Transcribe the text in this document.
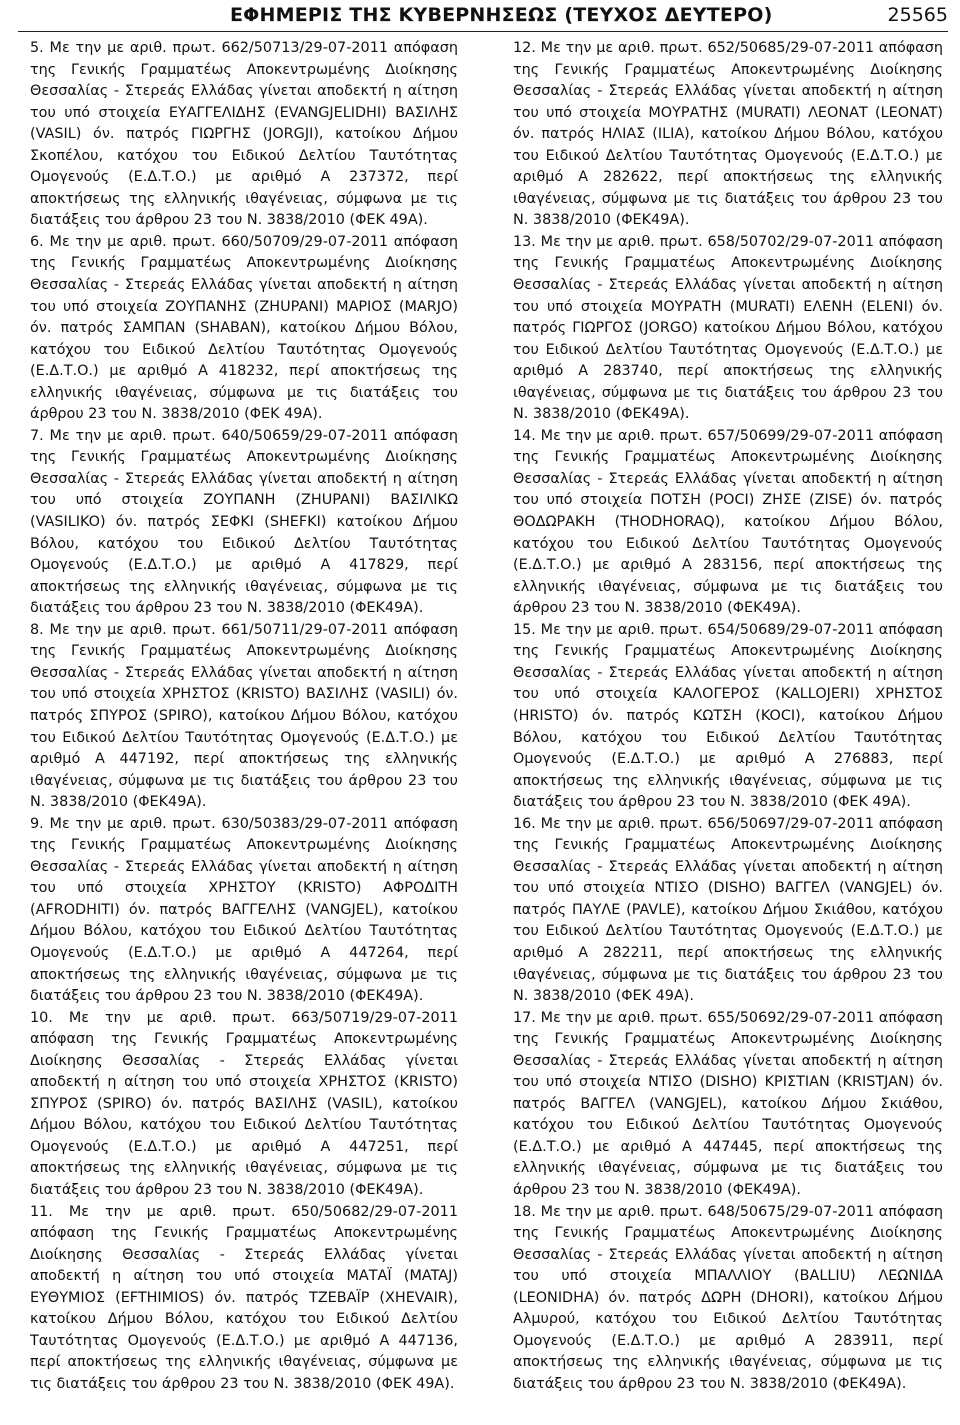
ΕΦΗΜΕΡΙΣ ΤΗΣ ΚΥΒΕΡΝΗΣΕΩΣ (ΤΕΥΧΟΣ ΔΕΥΤΕΡΟ)	25565

5. Με την με αριθ. πρωτ. 662/50713/29-07-2011 απόφαση της Γενικής Γραμματέως Αποκεντρωμένης Διοίκησης Θεσσαλίας - Στερεάς Ελλάδας γίνεται αποδεκτή η αίτηση του υπό στοιχεία ΕΥΑΓΓΕΛΙΔΗΣ (EVANGJELIDHI) ΒΑΣΙΛΗΣ (VASIL) όν. πατρός ΓΙΩΡΓΗΣ (JORGJI), κατοίκου Δήμου Σκοπέλου, κατόχου του Ειδικού Δελτίου Ταυτότητας Ομογενούς (Ε.Δ.Τ.Ο.) με αριθμό Α 237372, περί αποκτήσεως της ελληνικής ιθαγένειας, σύμφωνα με τις διατάξεις του άρθρου 23 του Ν. 3838/2010 (ΦΕΚ 49Α).

6. Με την με αριθ. πρωτ. 660/50709/29-07-2011 απόφαση της Γενικής Γραμματέως Αποκεντρωμένης Διοίκησης Θεσσαλίας - Στερεάς Ελλάδας γίνεται αποδεκτή η αίτηση του υπό στοιχεία ΖΟΥΠΑΝΗΣ (ZHUPANI) ΜΑΡΙΟΣ (MARJO) όν. πατρός ΣΑΜΠΑΝ (SHABAN), κατοίκου Δήμου Βόλου, κατόχου του Ειδικού Δελτίου Ταυτότητας Ομογενούς (Ε.Δ.Τ.Ο.) με αριθμό Α 418232, περί αποκτήσεως της ελληνικής ιθαγένειας, σύμφωνα με τις διατάξεις του άρθρου 23 του Ν. 3838/2010 (ΦΕΚ 49Α).

7. Με την με αριθ. πρωτ. 640/50659/29-07-2011 απόφαση της Γενικής Γραμματέως Αποκεντρωμένης Διοίκησης Θεσσαλίας - Στερεάς Ελλάδας γίνεται αποδεκτή η αίτηση του υπό στοιχεία ΖΟΥΠΑΝΗ (ZHUPANI) ΒΑΣΙΛΙΚΩ (VASILIKO) όν. πατρός ΣΕΦΚΙ (SHEFKI) κατοίκου Δήμου Βόλου, κατόχου του Ειδικού Δελτίου Ταυτότητας Ομογενούς (Ε.Δ.Τ.Ο.) με αριθμό Α 417829, περί αποκτήσεως της ελληνικής ιθαγένειας, σύμφωνα με τις διατάξεις του άρθρου 23 του Ν. 3838/2010 (ΦΕΚ49Α).

8. Με την με αριθ. πρωτ. 661/50711/29-07-2011 απόφαση της Γενικής Γραμματέως Αποκεντρωμένης Διοίκησης Θεσσαλίας - Στερεάς Ελλάδας γίνεται αποδεκτή η αίτηση του υπό στοιχεία ΧΡΗΣΤΟΣ (KRISTO) ΒΑΣΙΛΗΣ (VASILI) όν. πατρός ΣΠΥΡΟΣ (SPIRO), κατοίκου Δήμου Βόλου, κατόχου του Ειδικού Δελτίου Ταυτότητας Ομογενούς (Ε.Δ.Τ.Ο.) με αριθμό Α 447192, περί αποκτήσεως της ελληνικής ιθαγένειας, σύμφωνα με τις διατάξεις του άρθρου 23 του Ν. 3838/2010 (ΦΕΚ49Α).

9. Με την με αριθ. πρωτ. 630/50383/29-07-2011 απόφαση της Γενικής Γραμματέως Αποκεντρωμένης Διοίκησης Θεσσαλίας - Στερεάς Ελλάδας γίνεται αποδεκτή η αίτηση του υπό στοιχεία ΧΡΗΣΤΟΥ (KRISTO) ΑΦΡΟΔΙΤΗ (AFRODHITI) όν. πατρός ΒΑΓΓΕΛΗΣ (VANGJEL), κατοίκου Δήμου Βόλου, κατόχου του Ειδικού Δελτίου Ταυτότητας Ομογενούς (Ε.Δ.Τ.Ο.) με αριθμό Α 447264, περί αποκτήσεως της ελληνικής ιθαγένειας, σύμφωνα με τις διατάξεις του άρθρου 23 του Ν. 3838/2010 (ΦΕΚ49Α).

10. Με την με αριθ. πρωτ. 663/50719/29-07-2011 απόφαση της Γενικής Γραμματέως Αποκεντρωμένης Διοίκησης Θεσσαλίας - Στερεάς Ελλάδας γίνεται αποδεκτή η αίτηση του υπό στοιχεία ΧΡΗΣΤΟΣ (KRISTO) ΣΠΥΡΟΣ (SPIRO) όν. πατρός ΒΑΣΙΛΗΣ (VASIL), κατοίκου Δήμου Βόλου, κατόχου του Ειδικού Δελτίου Ταυτότητας Ομογενούς (Ε.Δ.Τ.Ο.) με αριθμό Α 447251, περί αποκτήσεως της ελληνικής ιθαγένειας, σύμφωνα με τις διατάξεις του άρθρου 23 του Ν. 3838/2010 (ΦΕΚ49Α).

11. Με την με αριθ. πρωτ. 650/50682/29-07-2011 απόφαση της Γενικής Γραμματέως Αποκεντρωμένης Διοίκησης Θεσσαλίας - Στερεάς Ελλάδας γίνεται αποδεκτή η αίτηση του υπό στοιχεία ΜΑΤΑΪ (MATAJ) ΕΥΘΥΜΙΟΣ (EFTHIMIOS) όν. πατρός ΤΖΕΒΑΪΡ (XHEVAIR), κατοίκου Δήμου Βόλου, κατόχου του Ειδικού Δελτίου Ταυτότητας Ομογενούς (Ε.Δ.Τ.Ο.) με αριθμό Α 447136, περί αποκτήσεως της ελληνικής ιθαγένειας, σύμφωνα με τις διατάξεις του άρθρου 23 του Ν. 3838/2010 (ΦΕΚ 49Α).

12. Με την με αριθ. πρωτ. 652/50685/29-07-2011 απόφαση της Γενικής Γραμματέως Αποκεντρωμένης Διοίκησης Θεσσαλίας - Στερεάς Ελλάδας γίνεται αποδεκτή η αίτηση του υπό στοιχεία ΜΟΥΡΑΤΗΣ (MURATI) ΛΕΟΝΑΤ (LEONAT) όν. πατρός ΗΛΙΑΣ (ILIA), κατοίκου Δήμου Βόλου, κατόχου του Ειδικού Δελτίου Ταυτότητας Ομογενούς (Ε.Δ.Τ.Ο.) με αριθμό Α 282622, περί αποκτήσεως της ελληνικής ιθαγένειας, σύμφωνα με τις διατάξεις του άρθρου 23 του Ν. 3838/2010 (ΦΕΚ49Α).

13. Με την με αριθ. πρωτ. 658/50702/29-07-2011 απόφαση της Γενικής Γραμματέως Αποκεντρωμένης Διοίκησης Θεσσαλίας - Στερεάς Ελλάδας γίνεται αποδεκτή η αίτηση του υπό στοιχεία ΜΟΥΡΑΤΗ (MURATI) ΕΛΕΝΗ (ELENI) όν. πατρός ΓΙΩΡΓΟΣ (JORGO) κατοίκου Δήμου Βόλου, κατόχου του Ειδικού Δελτίου Ταυτότητας Ομογενούς (Ε.Δ.Τ.Ο.) με αριθμό Α 283740, περί αποκτήσεως της ελληνικής ιθαγένειας, σύμφωνα με τις διατάξεις του άρθρου 23 του Ν. 3838/2010 (ΦΕΚ49Α).

14. Με την με αριθ. πρωτ. 657/50699/29-07-2011 απόφαση της Γενικής Γραμματέως Αποκεντρωμένης Διοίκησης Θεσσαλίας - Στερεάς Ελλάδας γίνεται αποδεκτή η αίτηση του υπό στοιχεία ΠΟΤΣΗ (POCI) ΖΗΣΕ (ZISE) όν. πατρός ΘΟΔΩΡΑΚΗ (THODHORAQ), κατοίκου Δήμου Βόλου, κατόχου του Ειδικού Δελτίου Ταυτότητας Ομογενούς (Ε.Δ.Τ.Ο.) με αριθμό Α 283156, περί αποκτήσεως της ελληνικής ιθαγένειας, σύμφωνα με τις διατάξεις του άρθρου 23 του Ν. 3838/2010 (ΦΕΚ49Α).

15. Με την με αριθ. πρωτ. 654/50689/29-07-2011 απόφαση της Γενικής Γραμματέως Αποκεντρωμένης Διοίκησης Θεσσαλίας - Στερεάς Ελλάδας γίνεται αποδεκτή η αίτηση του υπό στοιχεία ΚΑΛΟΓΕΡΟΣ (KALLOJERI) ΧΡΗΣΤΟΣ (HRISTO) όν. πατρός ΚΩΤΣΗ (KOCI), κατοίκου Δήμου Βόλου, κατόχου του Ειδικού Δελτίου Ταυτότητας Ομογενούς (Ε.Δ.Τ.Ο.) με αριθμό Α 276883, περί αποκτήσεως της ελληνικής ιθαγένειας, σύμφωνα με τις διατάξεις του άρθρου 23 του Ν. 3838/2010 (ΦΕΚ 49Α).

16. Με την με αριθ. πρωτ. 656/50697/29-07-2011 απόφαση της Γενικής Γραμματέως Αποκεντρωμένης Διοίκησης Θεσσαλίας - Στερεάς Ελλάδας γίνεται αποδεκτή η αίτηση του υπό στοιχεία ΝΤΙΣΟ (DISHO) ΒΑΓΓΕΛ (VANGJEL) όν. πατρός ΠΑΥΛΕ (PAVLE), κατοίκου Δήμου Σκιάθου, κατόχου του Ειδικού Δελτίου Ταυτότητας Ομογενούς (Ε.Δ.Τ.Ο.) με αριθμό Α 282211, περί αποκτήσεως της ελληνικής ιθαγένειας, σύμφωνα με τις διατάξεις του άρθρου 23 του Ν. 3838/2010 (ΦΕΚ 49Α).

17. Με την με αριθ. πρωτ. 655/50692/29-07-2011 απόφαση της Γενικής Γραμματέως Αποκεντρωμένης Διοίκησης Θεσσαλίας - Στερεάς Ελλάδας γίνεται αποδεκτή η αίτηση του υπό στοιχεία ΝΤΙΣΟ (DISHO) ΚΡΙΣΤΙΑΝ (KRISTJAN) όν. πατρός ΒΑΓΓΕΛ (VANGJEL), κατοίκου Δήμου Σκιάθου, κατόχου του Ειδικού Δελτίου Ταυτότητας Ομογενούς (Ε.Δ.Τ.Ο.) με αριθμό Α 447445, περί αποκτήσεως της ελληνικής ιθαγένειας, σύμφωνα με τις διατάξεις του άρθρου 23 του Ν. 3838/2010 (ΦΕΚ49Α).

18. Με την με αριθ. πρωτ. 648/50675/29-07-2011 απόφαση της Γενικής Γραμματέως Αποκεντρωμένης Διοίκησης Θεσσαλίας - Στερεάς Ελλάδας γίνεται αποδεκτή η αίτηση του υπό στοιχεία ΜΠΑΛΛΙΟΥ (BALLIU) ΛΕΩΝΙΔΑ (LEONIDHA) όν. πατρός ΔΩΡΗ (DHORI), κατοίκου Δήμου Αλμυρού, κατόχου του Ειδικού Δελτίου Ταυτότητας Ομογενούς (Ε.Δ.Τ.Ο.) με αριθμό Α 283911, περί αποκτήσεως της ελληνικής ιθαγένειας, σύμφωνα με τις διατάξεις του άρθρου 23 του Ν. 3838/2010 (ΦΕΚ49Α).
